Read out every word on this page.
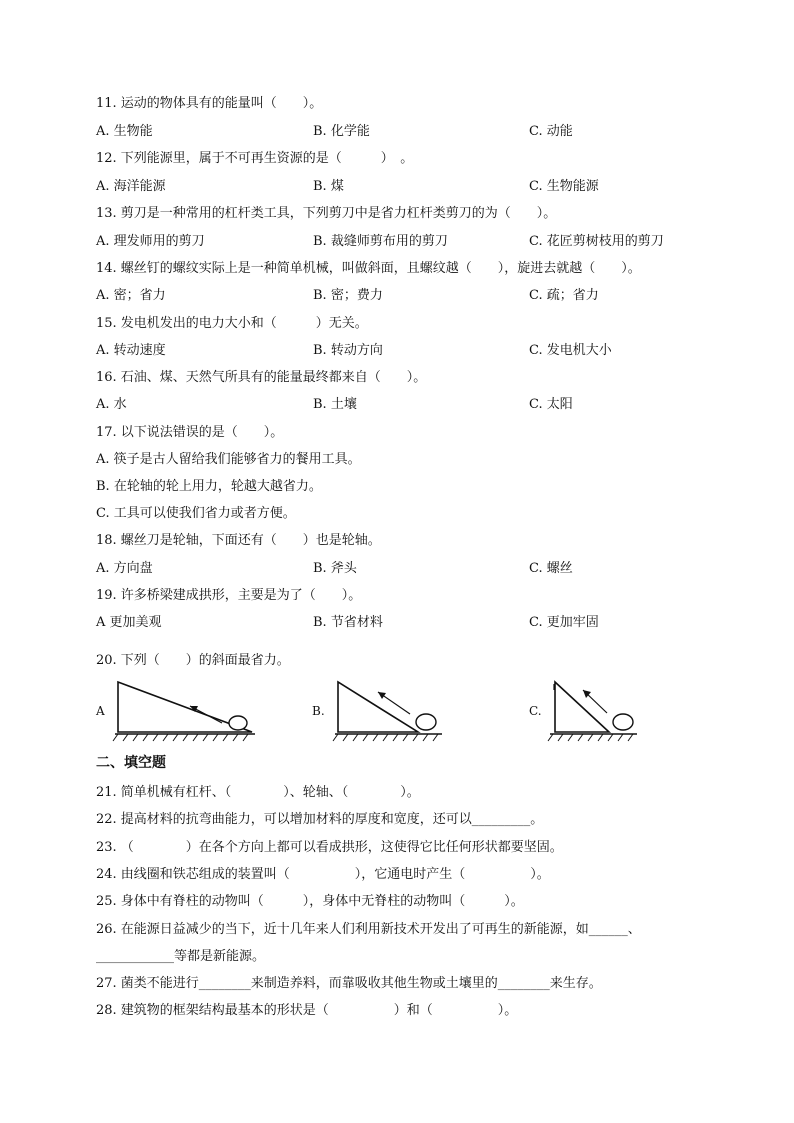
11. 运动的物体具有的能量叫（　　）。
A. 生物能	B. 化学能	C. 动能
12. 下列能源里，属于不可再生资源的是（　　　）　。
A. 海洋能源	B. 煤	C. 生物能源
13. 剪刀是一种常用的杠杆类工具，下列剪刀中是省力杠杆类剪刀的为（　　）。
A. 理发师用的剪刀	B. 裁缝师剪布用的剪刀	C. 花匠剪树枝用的剪刀
14. 螺丝钉的螺纹实际上是一种简单机械，叫做斜面，且螺纹越（　　），旋进去就越（　　）。
A. 密；省力	B. 密；费力	C. 疏；省力
15. 发电机发出的电力大小和（　　　）无关。
A. 转动速度	B. 转动方向	C. 发电机大小
16. 石油、煤、天然气所具有的能量最终都来自（　　）。
A. 水	B. 土壤	C. 太阳
17. 以下说法错误的是（　　）。
A. 筷子是古人留给我们能够省力的餐用工具。
B. 在轮轴的轮上用力，轮越大越省力。
C. 工具可以使我们省力或者方便。
18. 螺丝刀是轮轴，下面还有（　　）也是轮轴。
A. 方向盘	B. 斧头	C. 螺丝
19. 许多桥梁建成拱形，主要是为了（　　）。
A 更加美观	B. 节省材料	C. 更加牢固
20. 下列（　　）的斜面最省力。
A	B.	C.
二、填空题
21. 简单机械有杠杆、（　　　　）、轮轴、（　　　　）。
22. 提高材料的抗弯曲能力，可以增加材料的厚度和宽度，还可以_________。
23. （　　　　）在各个方向上都可以看成拱形，这使得它比任何形状都要坚固。
24. 由线圈和铁芯组成的装置叫（　　　　　），它通电时产生（　　　　　）。
25. 身体中有脊柱的动物叫（　　　），身体中无脊柱的动物叫（　　　）。
26. 在能源日益减少的当下，近十几年来人们利用新技术开发出了可再生的新能源，如______、
____________等都是新能源。
27. 菌类不能进行________来制造养料，而靠吸收其他生物或土壤里的________来生存。
28. 建筑物的框架结构最基本的形状是（　　　　　）和（　　　　　）。
